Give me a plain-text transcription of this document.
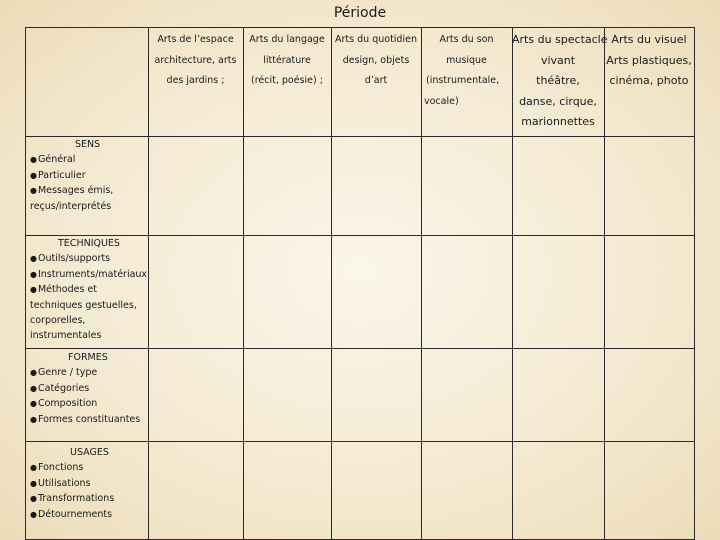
Période
Arts de l’espace
architecture, arts
des jardins ;
Arts du langage
littérature
(récit, poésie) ;
Arts du quotidien
design, objets
d’art
Arts du son
musique
(instrumentale,
vocale)
Arts du spectacle
vivant
théâtre,
danse, cirque,
marionnettes
Arts du visuel
Arts plastiques,
cinéma, photo
SENS
●Général
●Particulier
●Messages émis, reçus/interprétés
TECHNIQUES
●Outils/supports
●Instruments/matériaux
●Méthodes et techniques gestuelles, corporelles, instrumentales
FORMES
●Genre / type
●Catégories
●Composition
●Formes constituantes
USAGES
●Fonctions
●Utilisations
●Transformations
●Détournements
